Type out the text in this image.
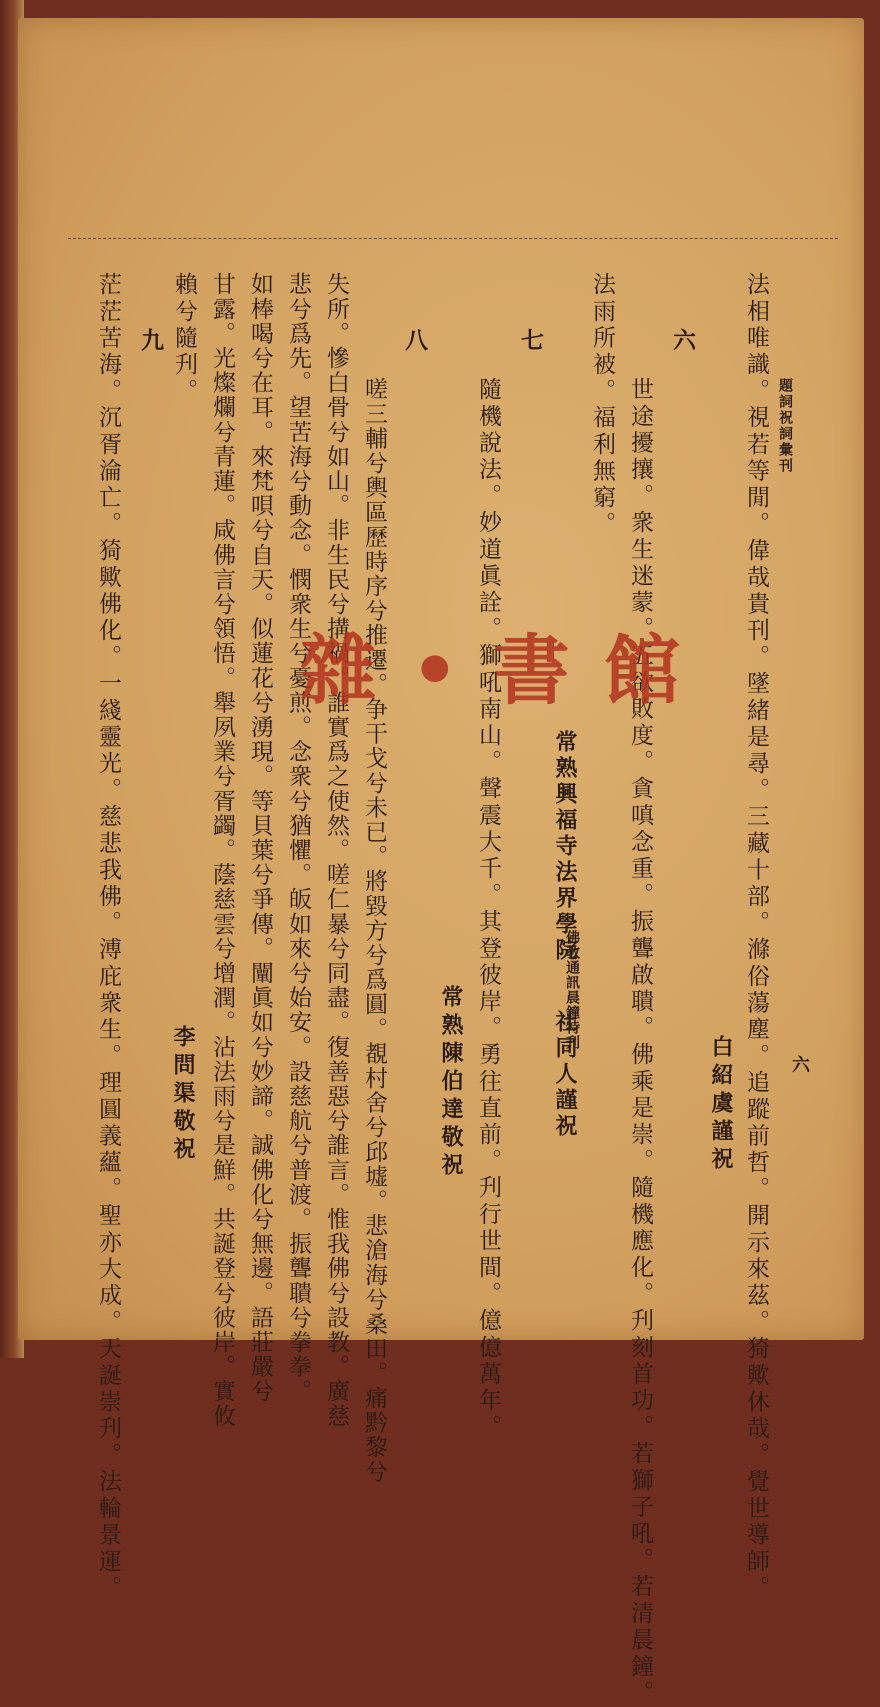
題詞祝詞彙刊
六
法相唯識。視若等閒。偉哉貴刊。墜緒是尋。三藏十部。滌俗蕩塵。追蹤前哲。開示來茲。猗歟休哉。覺世導師。
白紹虞謹祝
六
世途擾攘。衆生迷蒙。五欲敗度。貪嗔念重。振聾啟聵。佛乘是崇。隨機應化。刋刻首功。若獅子吼。若清晨鐘。
法雨所被。福利無窮。
常熟興福寺法界學院
佛教通訊晨鐘特刋
社同人謹祝
七
隨機說法。妙道眞詮。獅吼南山。聲震大千。其登彼岸。勇往直前。刋行世間。億億萬年。
常熟陳伯達敬祝
八
嗟三輔兮輿區歷時序兮推遷。争干戈兮未已。將毀方兮爲圓。覩村舍兮邱墟。悲滄海兮桑田。痛黔黎兮
失所。慘白骨兮如山。非生民兮搆禍。誰實爲之使然。嗟仁暴兮同盡。復善惡兮誰言。惟我佛兮設教。廣慈
悲兮爲先。望苦海兮動念。憫衆生兮憂煎。念衆兮猶懼。皈如來兮始安。設慈航兮普渡。振聾聵兮拳拳。
如棒喝兮在耳。來梵唄兮自天。似蓮花兮湧現。等貝葉兮爭傳。闡眞如兮妙諦。誠佛化兮無邊。語莊嚴兮
甘露。光燦爛兮青蓮。咸佛言兮領悟。舉夙業兮胥蠲。蔭慈雲兮增潤。沾法雨兮是鮮。共誕登兮彼岸。實攸
賴兮隨刋。
李問渠敬祝
九
茫茫苦海。沉胥淪亡。猗歟佛化。一綫靈光。慈悲我佛。溥庇衆生。理圓義蘊。聖亦大成。天誕崇刋。法輪景運。 雜 • 書 館
